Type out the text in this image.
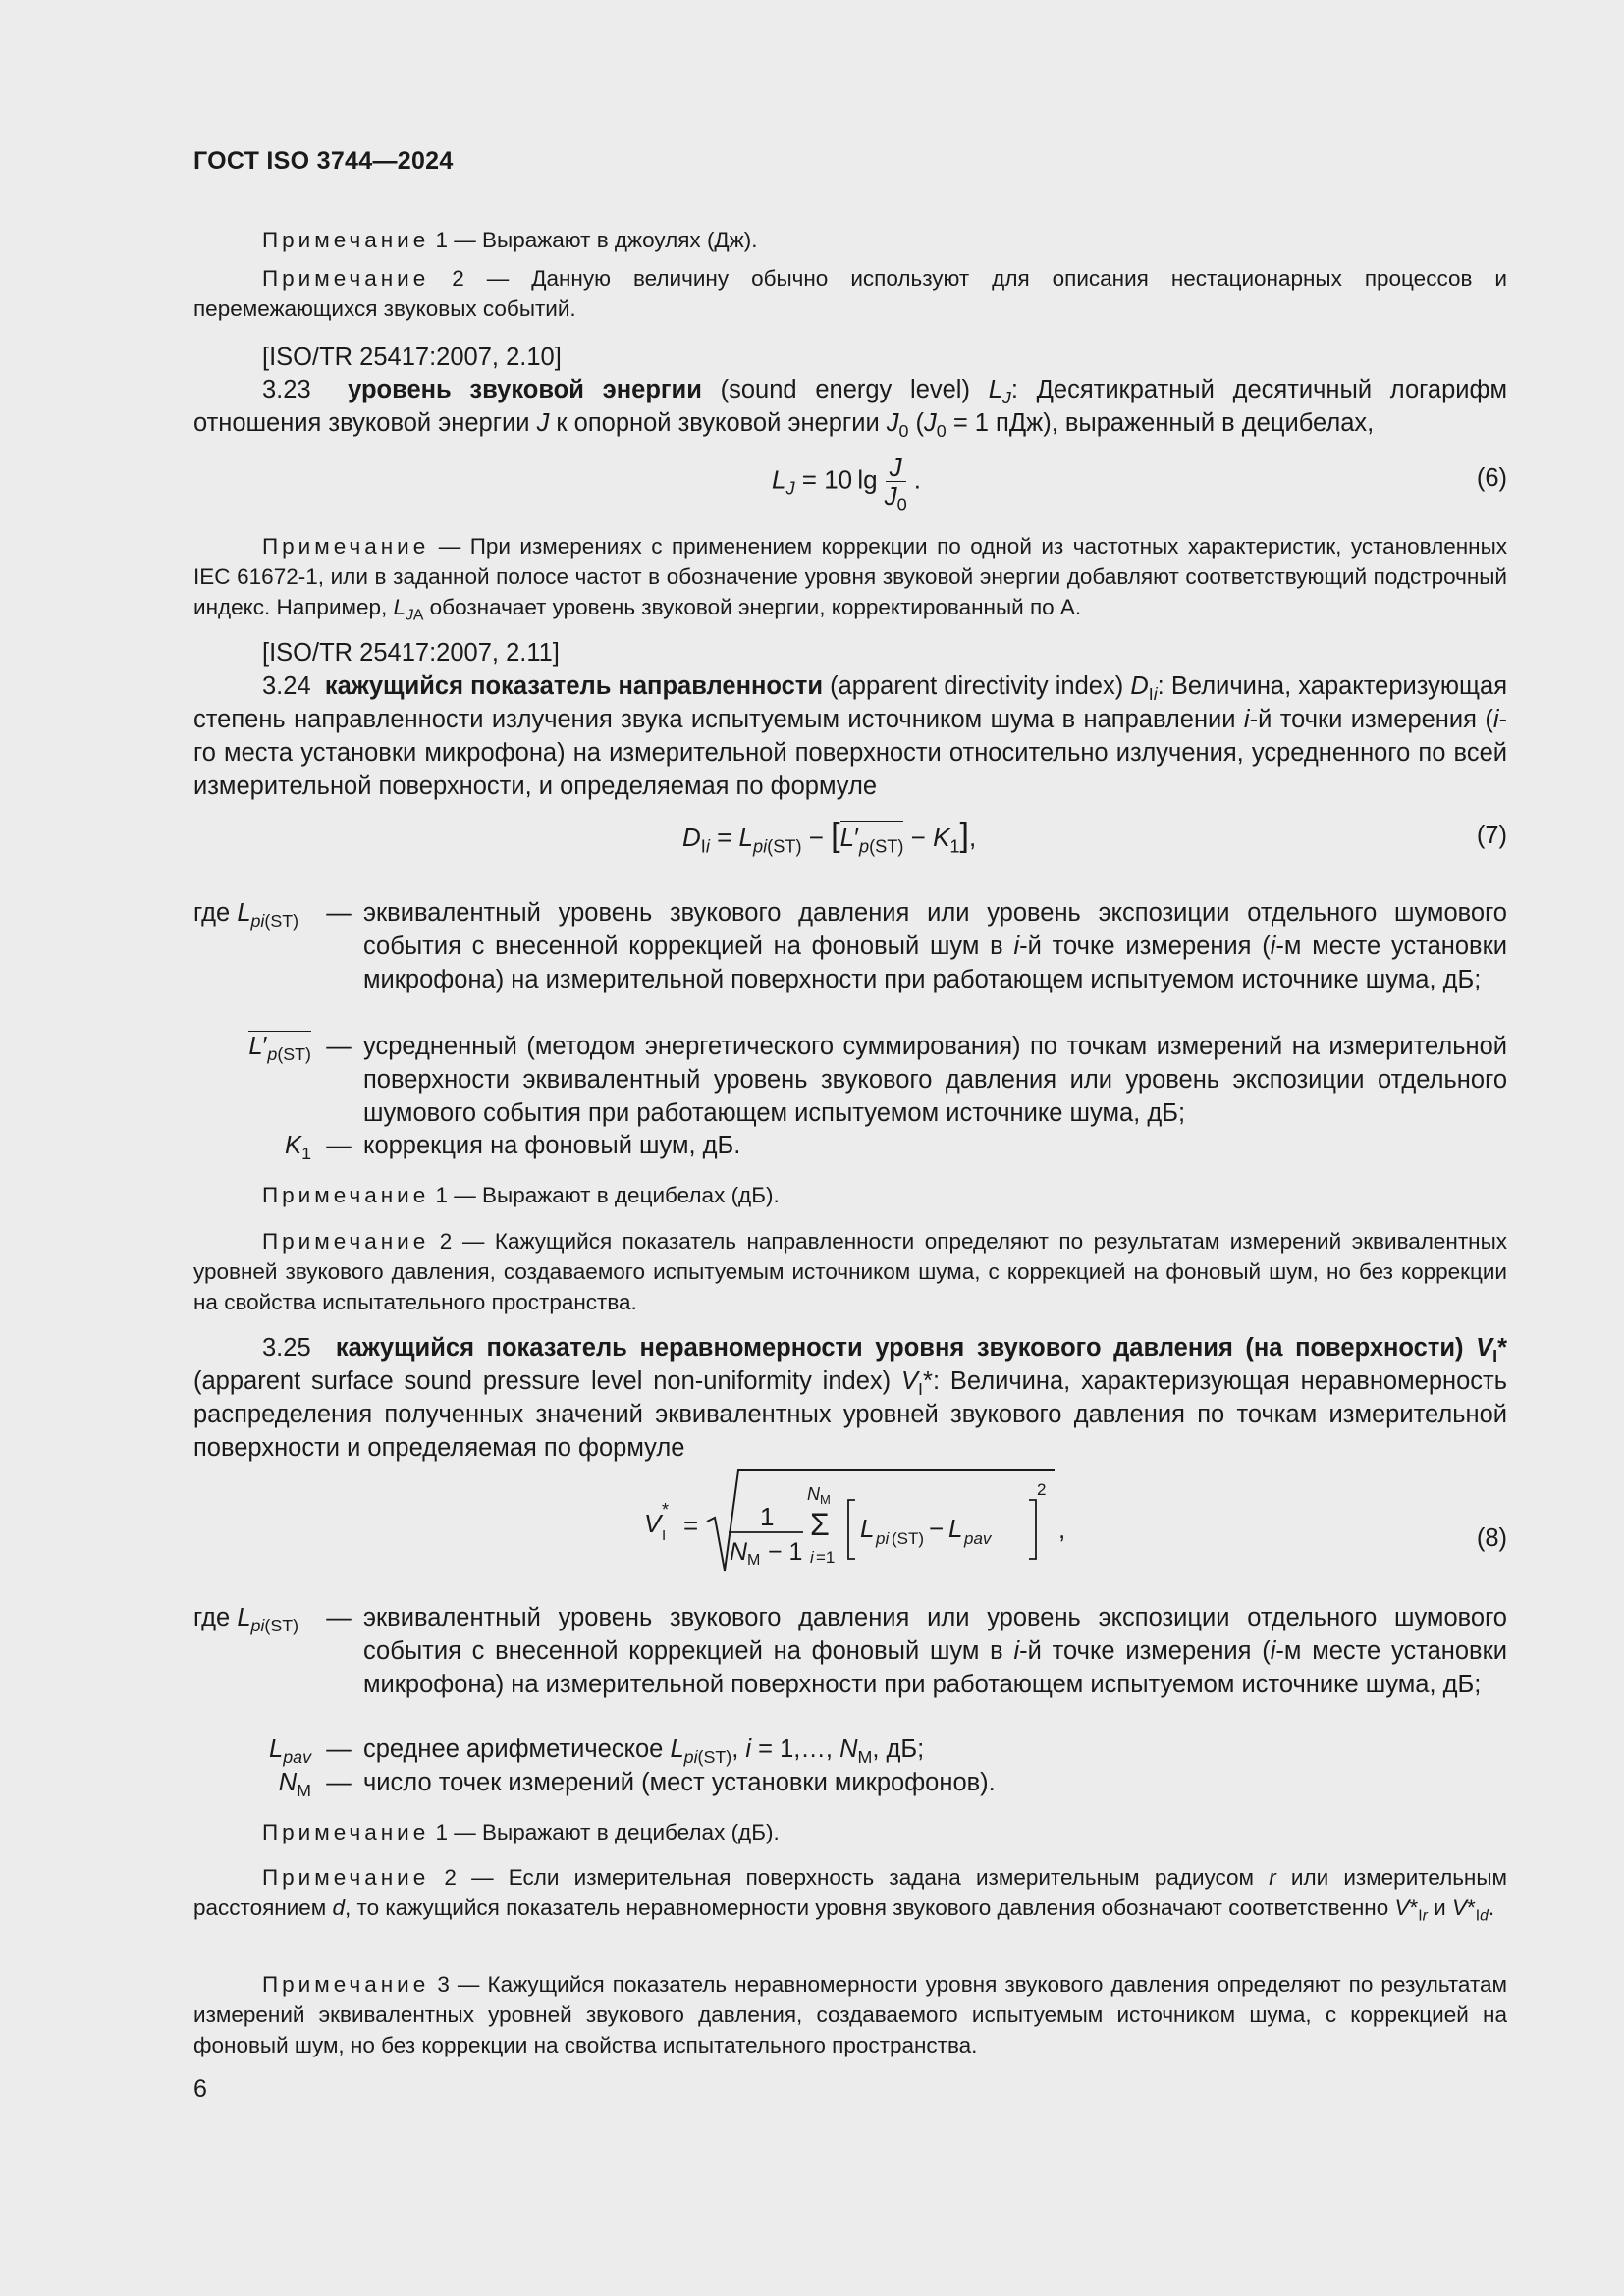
ГОСТ ISO 3744—2024
Примечание 1 — Выражают в джоулях (Дж).
Примечание 2 — Данную величину обычно используют для описания нестационарных процессов и перемежающихся звуковых событий.
[ISO/TR 25417:2007, 2.10]
3.23 уровень звуковой энергии (sound energy level) $L_J$: Десятикратный десятичный логарифм отношения звуковой энергии J к опорной звуковой энергии $J_0$ ($J_0 = 1$ пДж), выраженный в децибелах,
$L_J = 10$ $\lg \frac{J}{J_0}$ .	(6)
Примечание — При измерениях с применением коррекции по одной из частотных характеристик, установленных IEC 61672-1, или в заданной полосе частот в обозначение уровня звуковой энергии добавляют соответствующий подстрочный индекс. Например, $L_{JA}$ обозначает уровень звуковой энергии, корректированный по А.
[ISO/TR 25417:2007, 2.11]
3.24 кажущийся показатель направленности (apparent directivity index) $D_{Ii}$: Величина, характеризующая степень направленности излучения звука испытуемым источником шума в направлении i-й точки измерения (i-го места установки микрофона) на измерительной поверхности относительно излучения, усредненного по всей измерительной поверхности, и определяемая по формуле
$D_{Ii} = L_{pi(ST)} - [L'_{p(ST)} - K_1]$,	(7)
где $L_{pi(ST)}$ — эквивалентный уровень звукового давления или уровень экспозиции отдельного шумового события с внесенной коррекцией на фоновый шум в i-й точке измерения (i-м месте установки микрофона) на измерительной поверхности при работающем испытуемом источнике шума, дБ;
$L'_{p(ST)}$ — усредненный (методом энергетического суммирования) по точкам измерений на измерительной поверхности эквивалентный уровень звукового давления или уровень экспозиции отдельного шумового события при работающем испытуемом источнике шума, дБ;
$K_1$ — коррекция на фоновый шум, дБ.
Примечание 1 — Выражают в децибелах (дБ).
Примечание 2 — Кажущийся показатель направленности определяют по результатам измерений эквивалентных уровней звукового давления, создаваемого испытуемым источником шума, с коррекцией на фоновый шум, но без коррекции на свойства испытательного пространства.
3.25 кажущийся показатель неравномерности уровня звукового давления (на поверхности) $V_I*$ (apparent surface sound pressure level non-uniformity index) $V_I*$: Величина, характеризующая неравномерность распределения полученных значений эквивалентных уровней звукового давления по точкам измерительной поверхности и определяемая по формуле
V I
*
= 1
N M − 1
N M
Σ
i =1
L pi (ST) − L pav
2
,	(8)
где $L_{pi(ST)}$ — эквивалентный уровень звукового давления или уровень экспозиции отдельного шумового события с внесенной коррекцией на фоновый шум в i-й точке измерения (i-м месте установки микрофона) на измерительной поверхности при работающем испытуемом источнике шума, дБ;
$L_{pav}$ — среднее арифметическое $L_{pi(ST)}$, i = 1,…, $N_M$, дБ;
$N_M$ — число точек измерений (мест установки микрофонов).
Примечание 1 — Выражают в децибелах (дБ).
Примечание 2 — Если измерительная поверхность задана измерительным радиусом r или измерительным расстоянием d, то кажущийся показатель неравномерности уровня звукового давления обозначают соответственно $V*_{Ir}$ и $V*_{Id}$.
Примечание 3 — Кажущийся показатель неравномерности уровня звукового давления определяют по результатам измерений эквивалентных уровней звукового давления, создаваемого испытуемым источником шума, с коррекцией на фоновый шум, но без коррекции на свойства испытательного пространства.
6
